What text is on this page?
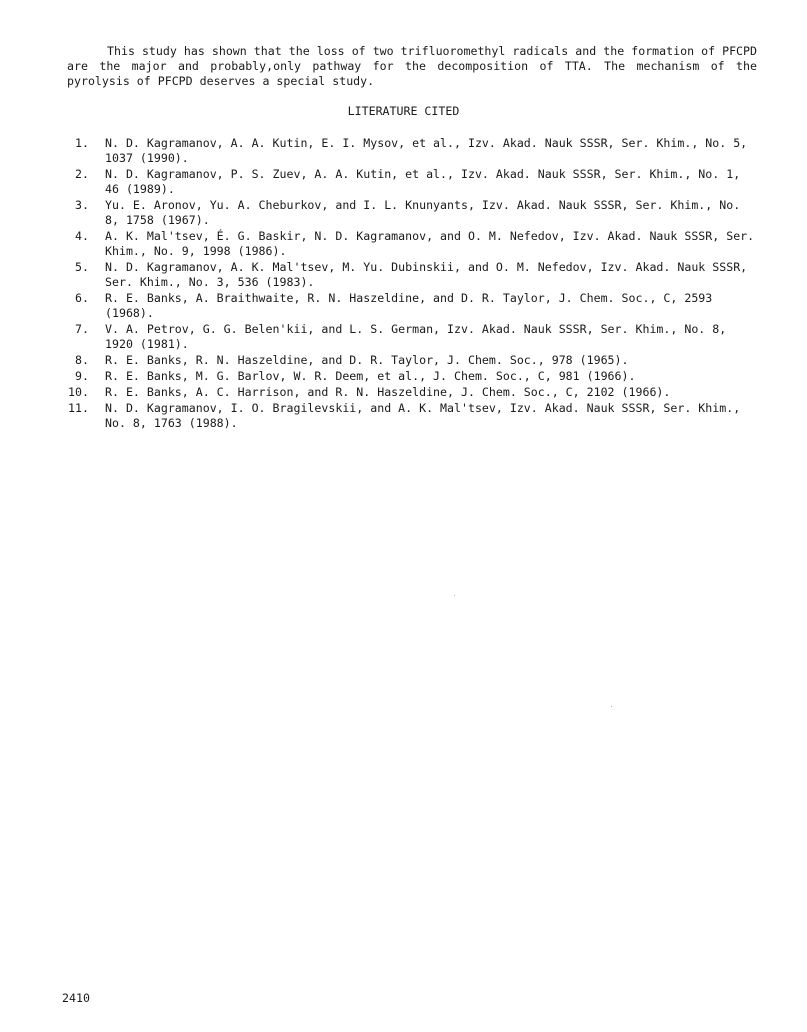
This study has shown that the loss of two trifluoromethyl radicals and the formation of PFCPD are the major and probably,only pathway for the decomposition of TTA. The mechanism of the pyrolysis of PFCPD deserves a special study.

LITERATURE CITED
1. N. D. Kagramanov, A. A. Kutin, E. I. Mysov, et al., Izv. Akad. Nauk SSSR, Ser. Khim., No. 5, 1037 (1990).
2. N. D. Kagramanov, P. S. Zuev, A. A. Kutin, et al., Izv. Akad. Nauk SSSR, Ser. Khim., No. 1, 46 (1989).
3. Yu. E. Aronov, Yu. A. Cheburkov, and I. L. Knunyants, Izv. Akad. Nauk SSSR, Ser. Khim., No. 8, 1758 (1967).
4. A. K. Mal'tsev, É. G. Baskir, N. D. Kagramanov, and O. M. Nefedov, Izv. Akad. Nauk SSSR, Ser. Khim., No. 9, 1998 (1986).
5. N. D. Kagramanov, A. K. Mal'tsev, M. Yu. Dubinskii, and O. M. Nefedov, Izv. Akad. Nauk SSSR, Ser. Khim., No. 3, 536 (1983).
6. R. E. Banks, A. Braithwaite, R. N. Haszeldine, and D. R. Taylor, J. Chem. Soc., C, 2593 (1968).
7. V. A. Petrov, G. G. Belen'kii, and L. S. German, Izv. Akad. Nauk SSSR, Ser. Khim., No. 8, 1920 (1981).
8. R. E. Banks, R. N. Haszeldine, and D. R. Taylor, J. Chem. Soc., 978 (1965).
9. R. E. Banks, M. G. Barlov, W. R. Deem, et al., J. Chem. Soc., C, 981 (1966).
10. R. E. Banks, A. C. Harrison, and R. N. Haszeldine, J. Chem. Soc., C, 2102 (1966).
11. N. D. Kagramanov, I. O. Bragilevskii, and A. K. Mal'tsev, Izv. Akad. Nauk SSSR, Ser. Khim., No. 8, 1763 (1988).

2410
